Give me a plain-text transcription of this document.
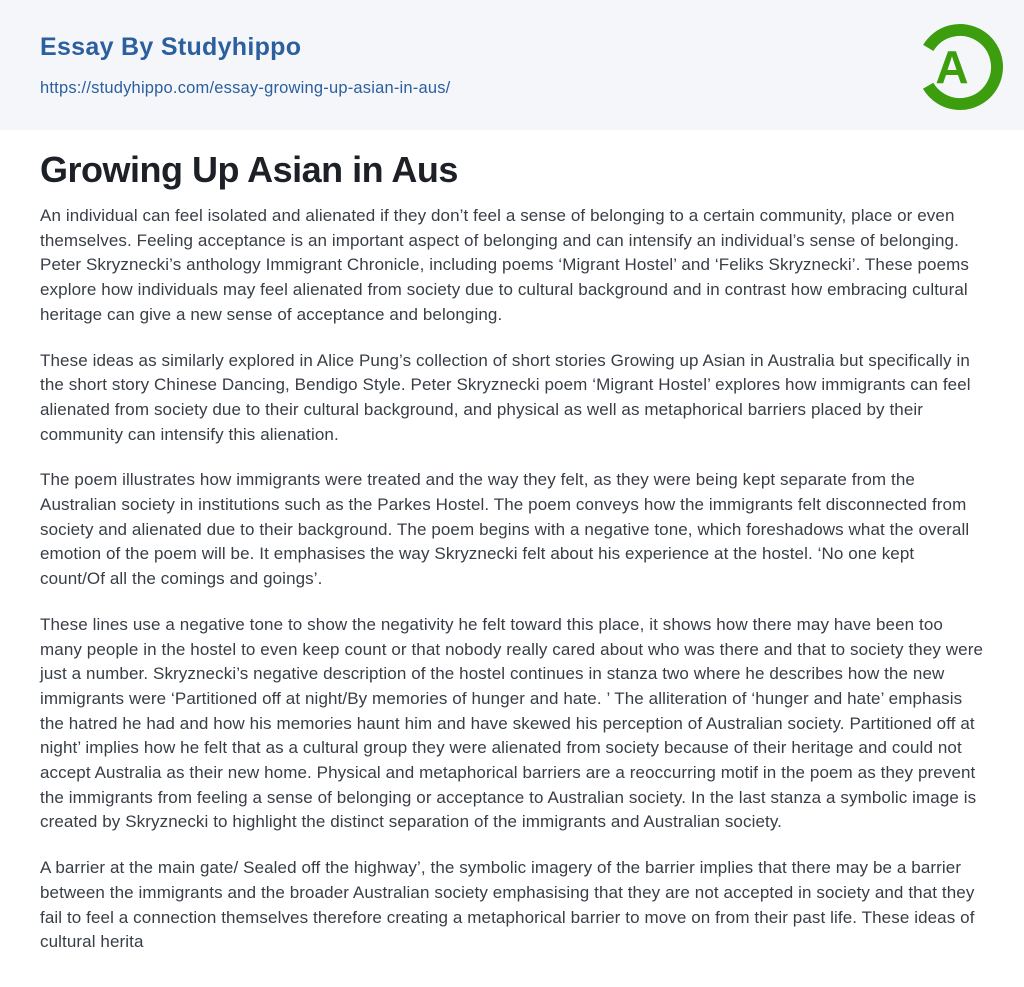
Essay By Studyhippo
https://studyhippo.com/essay-growing-up-asian-in-aus/	A
Growing Up Asian in Aus

An individual can feel isolated and alienated if they don’t feel a sense of belonging to a certain community, place or even themselves. Feeling acceptance is an important aspect of belonging and can intensify an individual’s sense of belonging. Peter Skryznecki’s anthology Immigrant Chronicle, including poems ‘Migrant Hostel’ and ‘Feliks Skryznecki’. These poems explore how individuals may feel alienated from society due to cultural background and in contrast how embracing cultural heritage can give a new sense of acceptance and belonging.

These ideas as similarly explored in Alice Pung’s collection of short stories Growing up Asian in Australia but specifically in the short story Chinese Dancing, Bendigo Style. Peter Skryznecki poem ‘Migrant Hostel’ explores how immigrants can feel alienated from society due to their cultural background, and physical as well as metaphorical barriers placed by their community can intensify this alienation.

The poem illustrates how immigrants were treated and the way they felt, as they were being kept separate from the Australian society in institutions such as the Parkes Hostel. The poem conveys how the immigrants felt disconnected from society and alienated due to their background. The poem begins with a negative tone, which foreshadows what the overall emotion of the poem will be. It emphasises the way Skryznecki felt about his experience at the hostel. ‘No one kept count/Of all the comings and goings’.

These lines use a negative tone to show the negativity he felt toward this place, it shows how there may have been too many people in the hostel to even keep count or that nobody really cared about who was there and that to society they were just a number. Skryznecki’s negative description of the hostel continues in stanza two where he describes how the new immigrants were ‘Partitioned off at night/By memories of hunger and hate. ’ The alliteration of ‘hunger and hate’ emphasis the hatred he had and how his memories haunt him and have skewed his perception of Australian society. Partitioned off at night’ implies how he felt that as a cultural group they were alienated from society because of their heritage and could not accept Australia as their new home. Physical and metaphorical barriers are a reoccurring motif in the poem as they prevent the immigrants from feeling a sense of belonging or acceptance to Australian society. In the last stanza a symbolic image is created by Skryznecki to highlight the distinct separation of the immigrants and Australian society.

A barrier at the main gate/ Sealed off the highway’, the symbolic imagery of the barrier implies that there may be a barrier between the immigrants and the broader Australian society emphasising that they are not accepted in society and that they fail to feel a connection themselves therefore creating a metaphorical barrier to move on from their past life. These ideas of cultural herita
